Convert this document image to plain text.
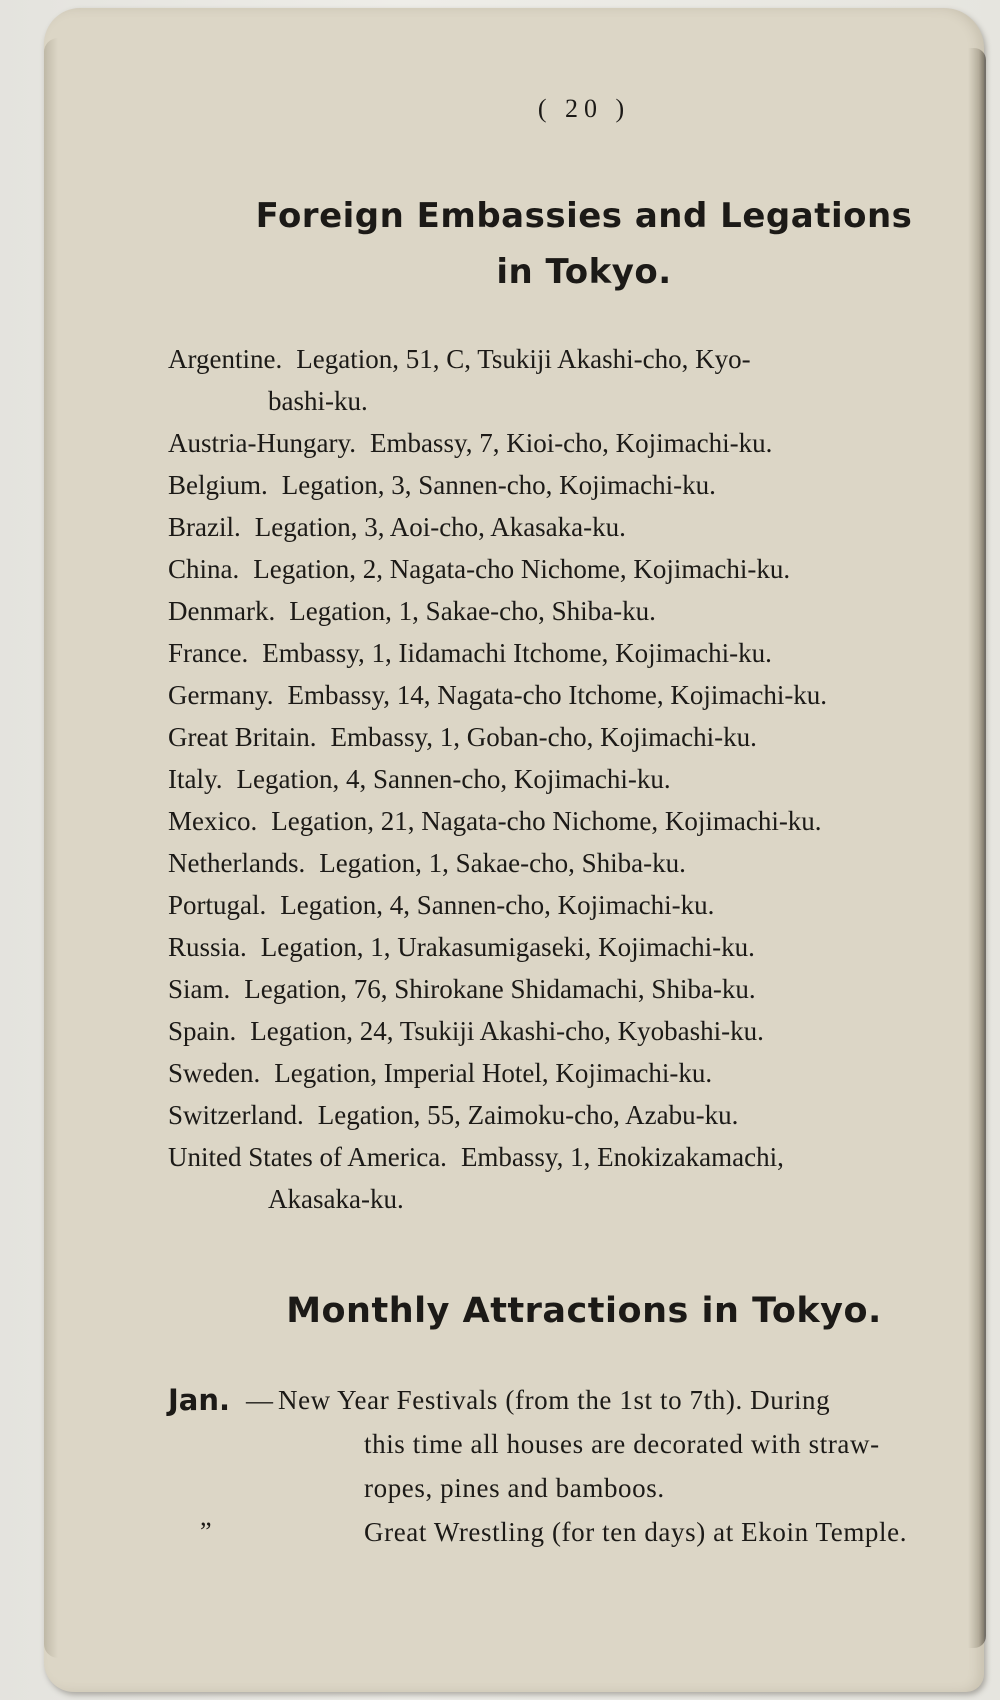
( 20 )
Foreign Embassies and Legations
in Tokyo.
Argentine. Legation, 51, C, Tsukiji Akashi-cho, Kyo-
bashi-ku.
Austria-Hungary. Embassy, 7, Kioi-cho, Kojimachi-ku.
Belgium. Legation, 3, Sannen-cho, Kojimachi-ku.
Brazil. Legation, 3, Aoi-cho, Akasaka-ku.
China. Legation, 2, Nagata-cho Nichome, Kojimachi-ku.
Denmark. Legation, 1, Sakae-cho, Shiba-ku.
France. Embassy, 1, Iidamachi Itchome, Kojimachi-ku.
Germany. Embassy, 14, Nagata-cho Itchome, Kojimachi-ku.
Great Britain. Embassy, 1, Goban-cho, Kojimachi-ku.
Italy. Legation, 4, Sannen-cho, Kojimachi-ku.
Mexico. Legation, 21, Nagata-cho Nichome, Kojimachi-ku.
Netherlands. Legation, 1, Sakae-cho, Shiba-ku.
Portugal. Legation, 4, Sannen-cho, Kojimachi-ku.
Russia. Legation, 1, Urakasumigaseki, Kojimachi-ku.
Siam. Legation, 76, Shirokane Shidamachi, Shiba-ku.
Spain. Legation, 24, Tsukiji Akashi-cho, Kyobashi-ku.
Sweden. Legation, Imperial Hotel, Kojimachi-ku.
Switzerland. Legation, 55, Zaimoku-cho, Azabu-ku.
United States of America. Embassy, 1, Enokizakamachi,
Akasaka-ku.
Monthly Attractions in Tokyo.
Jan. — New Year Festivals (from the 1st to 7th). During
this time all houses are decorated with straw-
ropes, pines and bamboos.
”	Great Wrestling (for ten days) at Ekoin Temple.
